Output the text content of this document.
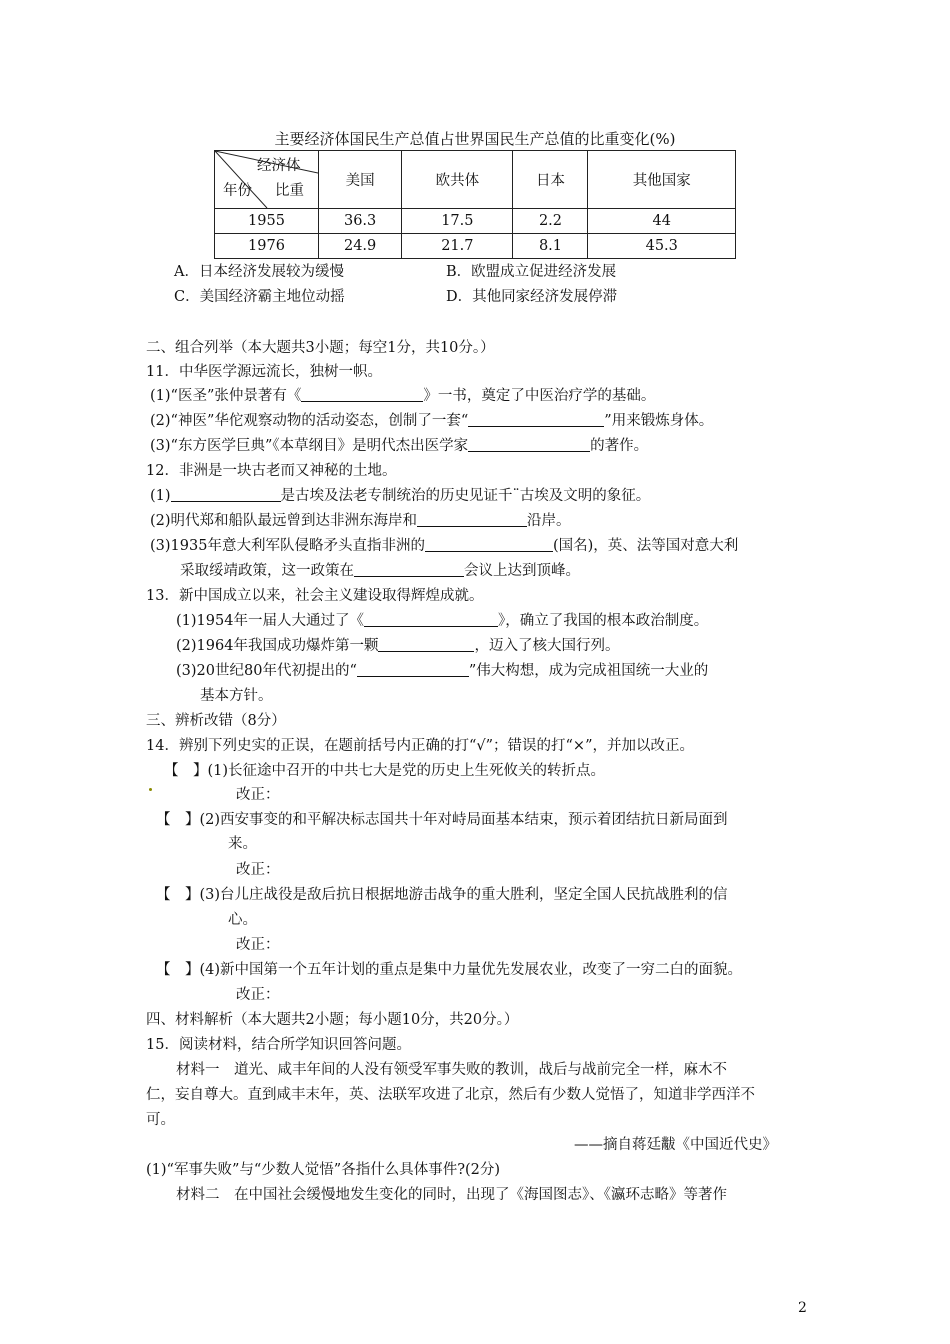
主要经济体国民生产总值占世界国民生产总值的比重变化(%)
经济体
比重
年份	美国	欧共体	日本	其他国家
1955	36.3	17.5	2.2	44
1976	24.9	21.7	8.1	45.3
A．日本经济发展较为缓慢	B．欧盟成立促进经济发展
C．美国经济霸主地位动摇	D．其他同家经济发展停滞
二、组合列举（本大题共3小题；每空1分，共10分。）
11．中华医学源远流长，独树一帜。
(1)“医圣”张仲景著有《	》一书，奠定了中医治疗学的基础。
(2)“神医”华佗观察动物的活动姿态，创制了一套“	”用来锻炼身体。
(3)“东方医学巨典”《本草纲目》是明代杰出医学家	的著作。
12．非洲是一块古老而又神秘的土地。
(1)	是古埃及法老专制统治的历史见证千¨古埃及文明的象征。
(2)明代郑和船队最远曾到达非洲东海岸和	沿岸。
(3)1935年意大利军队侵略矛头直指非洲的	(国名)，英、法等国对意大利
采取绥靖政策，这一政策在	会议上达到顶峰。
13．新中国成立以来，社会主义建设取得辉煌成就。
(1)1954年一届人大通过了《	》，确立了我国的根本政治制度。
(2)1964年我国成功爆炸第一颗	，迈入了核大国行列。
(3)20世纪80年代初提出的“	”伟大构想，成为完成祖国统一大业的
基本方针。
三、辨析改错（8分）
14．辨别下列史实的正误，在题前括号内正确的打“√”；错误的打“×”，并加以改正。
【　】(1)长征途中召开的中共七大是党的历史上生死攸关的转折点。
改正：
【　】(2)西安事变的和平解决标志国共十年对峙局面基本结束，预示着团结抗日新局面到
来。
改正：
【　】(3)台儿庄战役是敌后抗日根据地游击战争的重大胜利，坚定全国人民抗战胜利的信
心。
改正：
【　】(4)新中国第一个五年计划的重点是集中力量优先发展农业，改变了一穷二白的面貌。
改正：
四、材料解析（本大题共2小题；每小题10分，共20分。）
15．阅读材料，结合所学知识回答问题。
材料一　道光、咸丰年间的人没有领受军事失败的教训，战后与战前完全一样，麻木不
仁，妄自尊大。直到咸丰末年，英、法联军攻进了北京，然后有少数人觉悟了，知道非学西洋不
可。
——摘自蒋廷黻《中国近代史》
(1)“军事失败”与“少数人觉悟”各指什么具体事件?(2分)
材料二　在中国社会缓慢地发生变化的同时，出现了《海国图志》、《瀛环志略》等著作
2
